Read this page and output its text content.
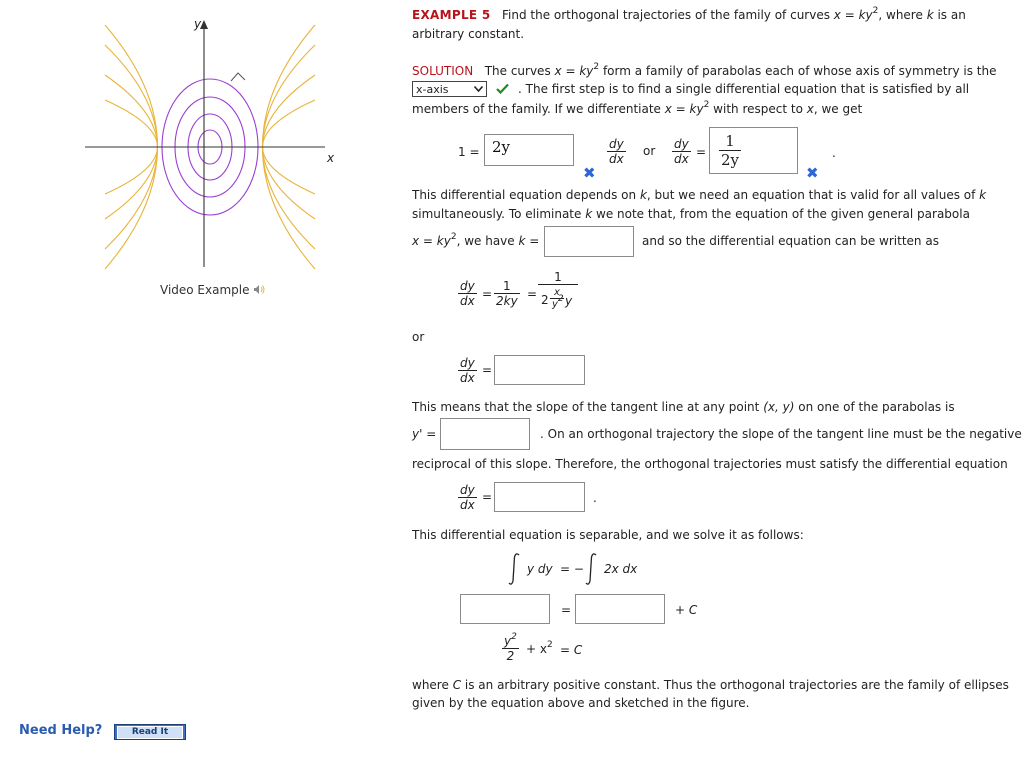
y
x
Video Example
Need Help?	Read It
EXAMPLE 5 Find the orthogonal trajectories of the family of curves $x = ky^2$, where k is an
arbitrary constant.
SOLUTION The curves $x = ky^2$ form a family of parabolas each of whose axis of symmetry is the
x-axis	. The first step is to find a single differential equation that is satisfied by all
members of the family. If we differentiate $x = ky^2$ with respect to x, we get
1 = 2y
✖
$\frac{dy}{dx}$ or $\frac{dy}{dx} = \frac{1}{2y}$
✖
.
This differential equation depends on k, but we need an equation that is valid for all values of k
simultaneously. To eliminate k we note that, from the equation of the given general parabola
$x = ky^2$, we have k =	and so the differential equation can be written as
$\frac{dy}{dx} = \frac{1}{2ky}$ =
1
2
x
$y^2$ y
or
$\frac{dy}{dx}$ =
This means that the slope of the tangent line at any point (x, y) on one of the parabolas is
y' =	. On an orthogonal trajectory the slope of the tangent line must be the negative
reciprocal of this slope. Therefore, the orthogonal trajectories must satisfy the differential equation
$\frac{dy}{dx}$ =	.
This differential equation is separable, and we solve it as follows:
y dy = − 2x dx
=	+ C
$\frac{y^2}{2} + x^2 = C$
where C is an arbitrary positive constant. Thus the orthogonal trajectories are the family of ellipses
given by the equation above and sketched in the figure.
